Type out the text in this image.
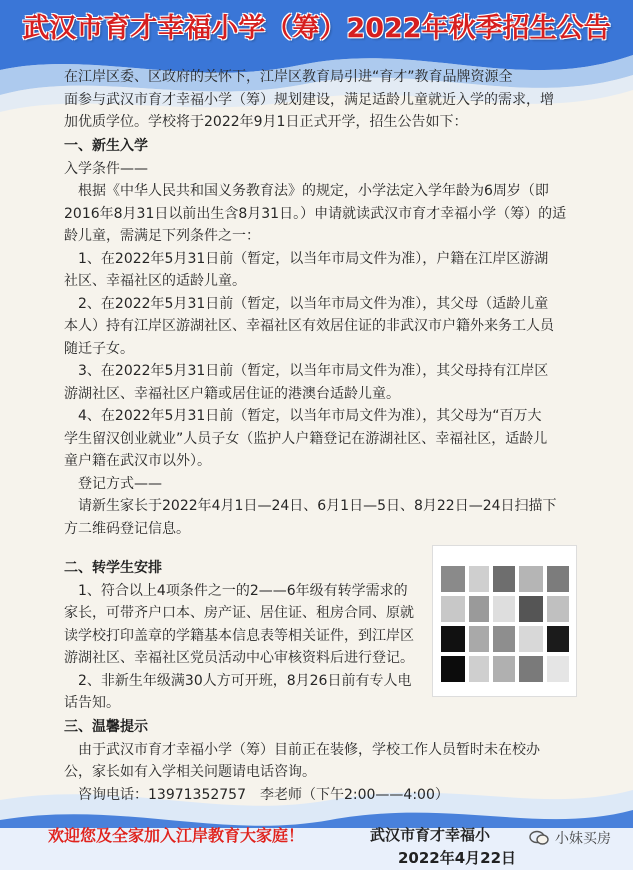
武汉市育才幸福小学（筹）2022年秋季招生公告
在江岸区委、区政府的关怀下，江岸区教育局引进“育才”教育品牌资源全
面参与武汉市育才幸福小学（筹）规划建设，满足适龄儿童就近入学的需求，增
加优质学位。学校将于2022年9月1日正式开学，招生公告如下：
一、新生入学
入学条件——
根据《中华人民共和国义务教育法》的规定，小学法定入学年龄为6周岁（即
2016年8月31日以前出生含8月31日。）申请就读武汉市育才幸福小学（筹）的适
龄儿童，需满足下列条件之一：
1、在2022年5月31日前（暂定，以当年市局文件为准），户籍在江岸区游湖
社区、幸福社区的适龄儿童。
2、在2022年5月31日前（暂定，以当年市局文件为准），其父母（适龄儿童
本人）持有江岸区游湖社区、幸福社区有效居住证的非武汉市户籍外来务工人员
随迁子女。
3、在2022年5月31日前（暂定，以当年市局文件为准），其父母持有江岸区
游湖社区、幸福社区户籍或居住证的港澳台适龄儿童。
4、在2022年5月31日前（暂定，以当年市局文件为准），其父母为“百万大
学生留汉创业就业”人员子女（监护人户籍登记在游湖社区、幸福社区，适龄儿
童户籍在武汉市以外）。
登记方式——
请新生家长于2022年4月1日—24日、6月1日—5日、8月22日—24日扫描下
方二维码登记信息。
二、转学生安排
1、符合以上4项条件之一的2——6年级有转学需求的
家长，可带齐户口本、房产证、居住证、租房合同、原就
读学校打印盖章的学籍基本信息表等相关证件，到江岸区
游湖社区、幸福社区党员活动中心审核资料后进行登记。
2、非新生年级满30人方可开班，8月26日前有专人电
话告知。
三、温馨提示
由于武汉市育才幸福小学（筹）目前正在装修，学校工作人员暂时未在校办
公，家长如有入学相关问题请电话咨询。
咨询电话：13971352757　李老师（下午2:00——4:00）
欢迎您及全家加入江岸教育大家庭！	武汉市育才幸福小
2022年4月22日
小妹买房
